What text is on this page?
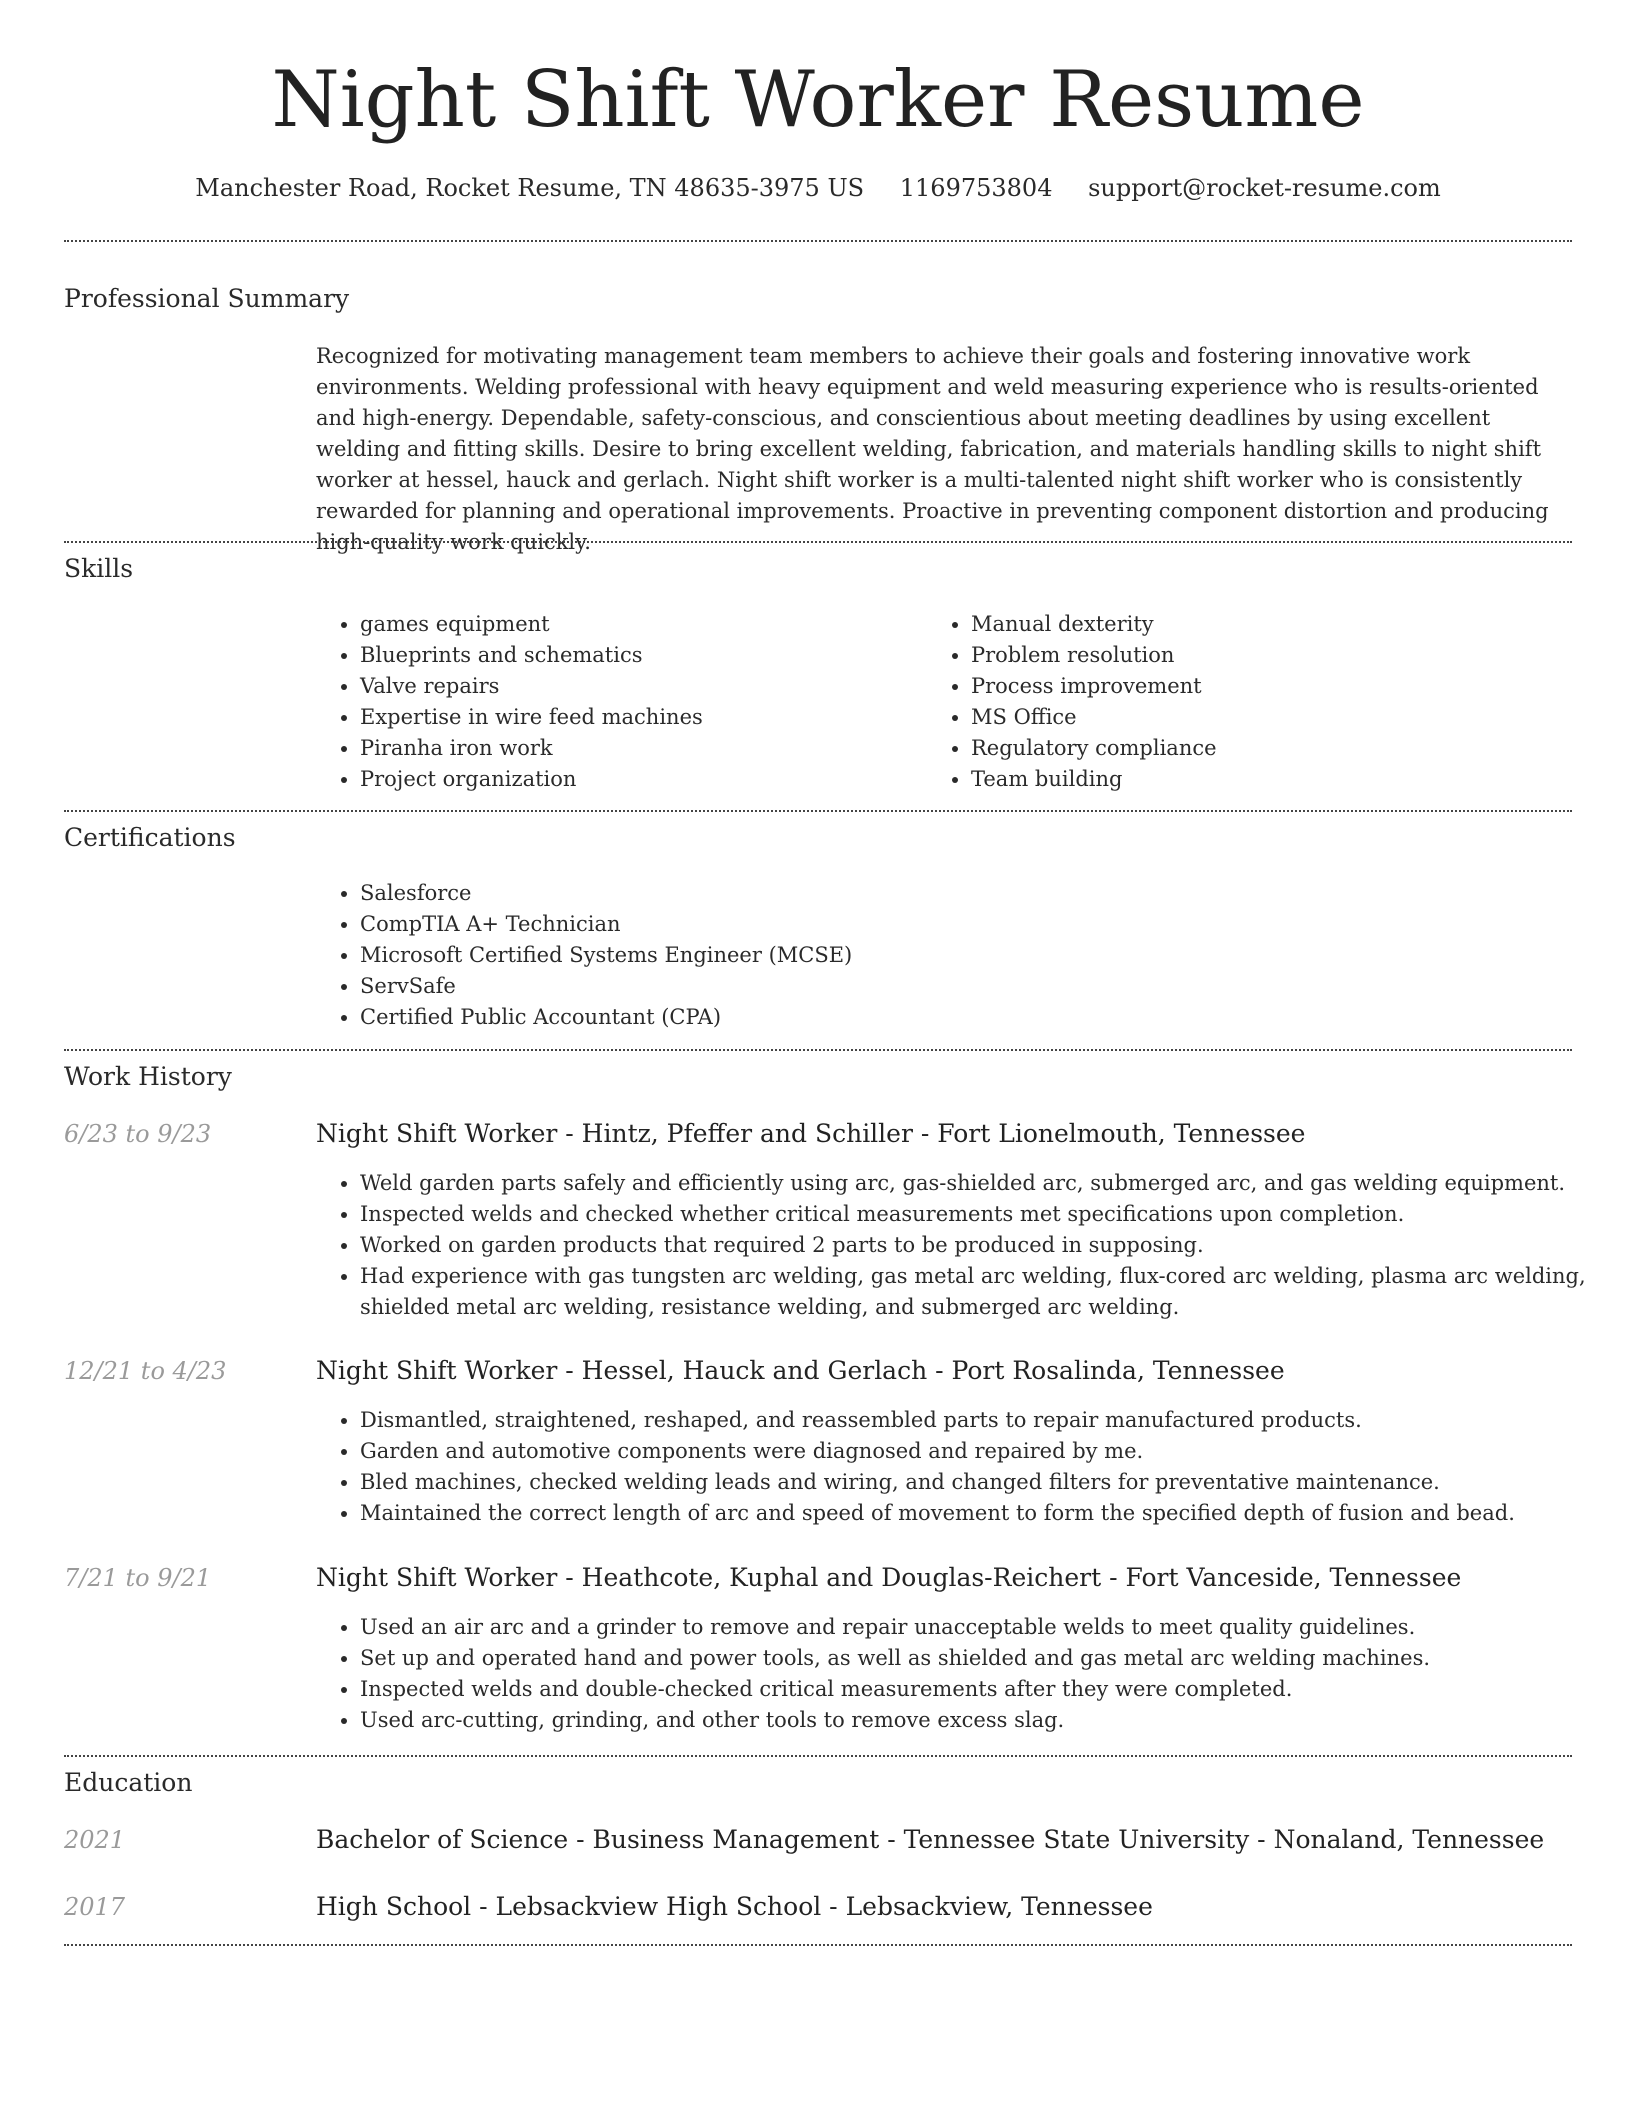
Night Shift Worker Resume
Manchester Road, Rocket Resume, TN 48635-3975 US 1169753804 support@rocket-resume.com
Professional Summary
Recognized for motivating management team members to achieve their goals and fostering innovative work environments. Welding professional with heavy equipment and weld measuring experience who is results-oriented and high-energy. Dependable, safety-conscious, and conscientious about meeting deadlines by using excellent welding and fitting skills. Desire to bring excellent welding, fabrication, and materials handling skills to night shift worker at hessel, hauck and gerlach. Night shift worker is a multi-talented night shift worker who is consistently rewarded for planning and operational improvements. Proactive in preventing component distortion and producing high-quality work quickly.
Skills
• games equipment
• Blueprints and schematics
• Valve repairs
• Expertise in wire feed machines
• Piranha iron work
• Project organization
• Manual dexterity
• Problem resolution
• Process improvement
• MS Office
• Regulatory compliance
• Team building
Certifications
• Salesforce
• CompTIA A+ Technician
• Microsoft Certified Systems Engineer (MCSE)
• ServSafe
• Certified Public Accountant (CPA)
Work History
6/23 to 9/23	Night Shift Worker - Hintz, Pfeffer and Schiller - Fort Lionelmouth, Tennessee
• Weld garden parts safely and efficiently using arc, gas-shielded arc, submerged arc, and gas welding equipment.
• Inspected welds and checked whether critical measurements met specifications upon completion.
• Worked on garden products that required 2 parts to be produced in supposing.
• Had experience with gas tungsten arc welding, gas metal arc welding, flux-cored arc welding, plasma arc welding, shielded metal arc welding, resistance welding, and submerged arc welding.
12/21 to 4/23	Night Shift Worker - Hessel, Hauck and Gerlach - Port Rosalinda, Tennessee
• Dismantled, straightened, reshaped, and reassembled parts to repair manufactured products.
• Garden and automotive components were diagnosed and repaired by me.
• Bled machines, checked welding leads and wiring, and changed filters for preventative maintenance.
• Maintained the correct length of arc and speed of movement to form the specified depth of fusion and bead.
7/21 to 9/21	Night Shift Worker - Heathcote, Kuphal and Douglas-Reichert - Fort Vanceside, Tennessee
• Used an air arc and a grinder to remove and repair unacceptable welds to meet quality guidelines.
• Set up and operated hand and power tools, as well as shielded and gas metal arc welding machines.
• Inspected welds and double-checked critical measurements after they were completed.
• Used arc-cutting, grinding, and other tools to remove excess slag.
Education
2021	Bachelor of Science - Business Management - Tennessee State University - Nonaland, Tennessee
2017	High School - Lebsackview High School - Lebsackview, Tennessee
